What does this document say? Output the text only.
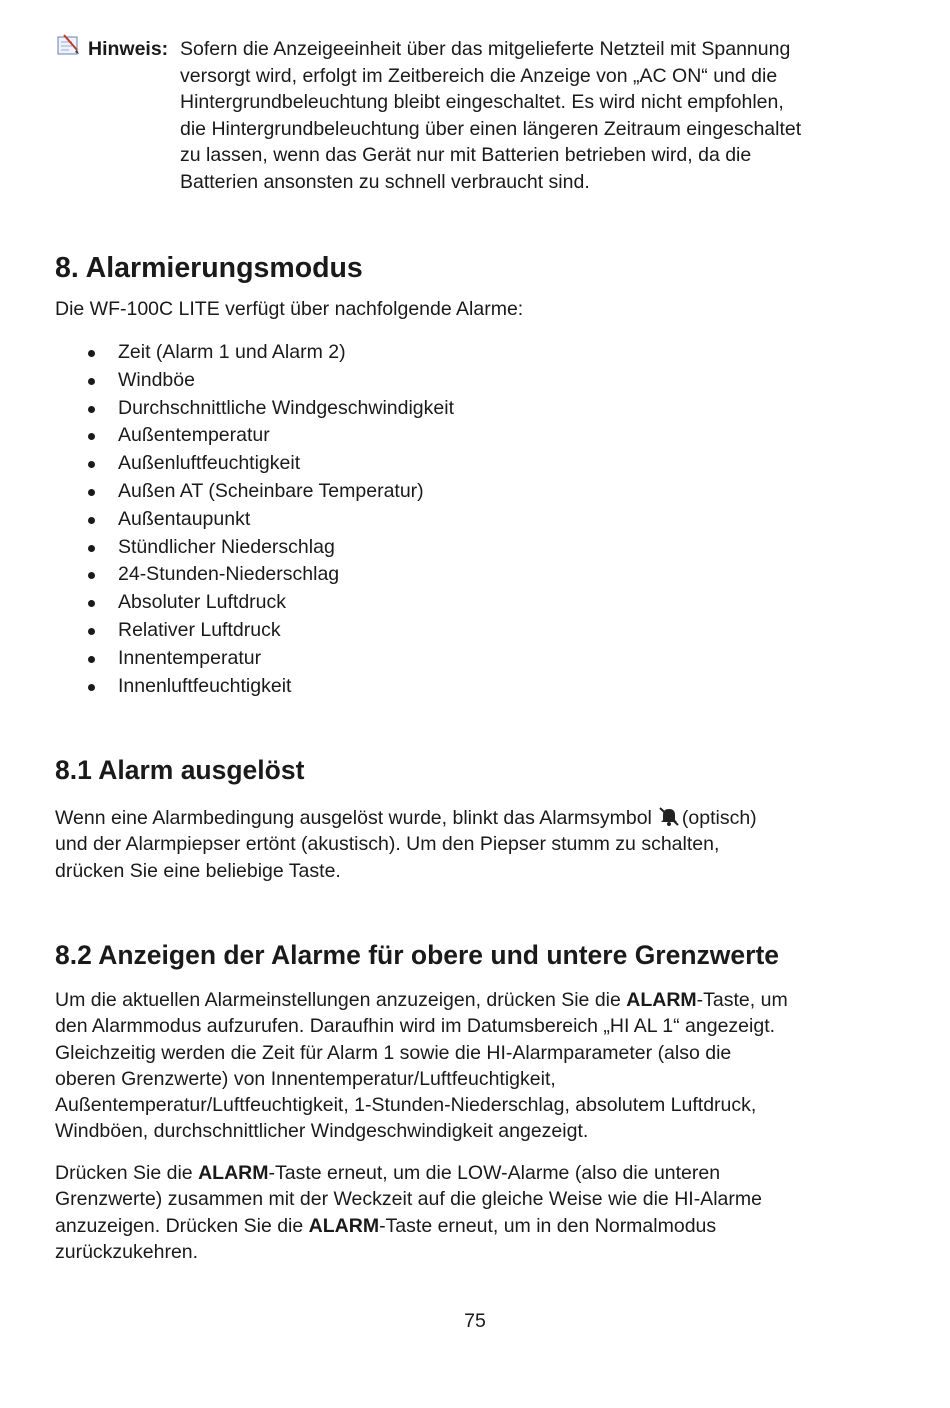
Hinweis: Sofern die Anzeigeeinheit über das mitgelieferte Netzteil mit Spannung

versorgt wird, erfolgt im Zeitbereich die Anzeige von „AC ON“ und die

Hintergrundbeleuchtung bleibt eingeschaltet. Es wird nicht empfohlen,

die Hintergrundbeleuchtung über einen längeren Zeitraum eingeschaltet

zu lassen, wenn das Gerät nur mit Batterien betrieben wird, da die

Batterien ansonsten zu schnell verbraucht sind.

8. Alarmierungsmodus

Die WF-100C LITE verfügt über nachfolgende Alarme:

Zeit (Alarm 1 und Alarm 2)
Windböe
Durchschnittliche Windgeschwindigkeit
Außentemperatur
Außenluftfeuchtigkeit
Außen AT (Scheinbare Temperatur)
Außentaupunkt
Stündlicher Niederschlag
24-Stunden-Niederschlag
Absoluter Luftdruck
Relativer Luftdruck
Innentemperatur
Innenluftfeuchtigkeit
8.1 Alarm ausgelöst

Wenn eine Alarmbedingung ausgelöst wurde, blinkt das Alarmsymbol (optisch)
und der Alarmpiepser ertönt (akustisch). Um den Piepser stumm zu schalten,
drücken Sie eine beliebige Taste.

8.2 Anzeigen der Alarme für obere und untere Grenzwerte

Um die aktuellen Alarmeinstellungen anzuzeigen, drücken Sie die ALARM-Taste, um
den Alarmmodus aufzurufen. Daraufhin wird im Datumsbereich „HI AL 1“ angezeigt.
Gleichzeitig werden die Zeit für Alarm 1 sowie die HI-Alarmparameter (also die
oberen Grenzwerte) von Innentemperatur/Luftfeuchtigkeit,
Außentemperatur/Luftfeuchtigkeit, 1-Stunden-Niederschlag, absolutem Luftdruck,
Windböen, durchschnittlicher Windgeschwindigkeit angezeigt.

Drücken Sie die ALARM-Taste erneut, um die LOW-Alarme (also die unteren
Grenzwerte) zusammen mit der Weckzeit auf die gleiche Weise wie die HI-Alarme
anzuzeigen. Drücken Sie die ALARM-Taste erneut, um in den Normalmodus
zurückzukehren.

75
